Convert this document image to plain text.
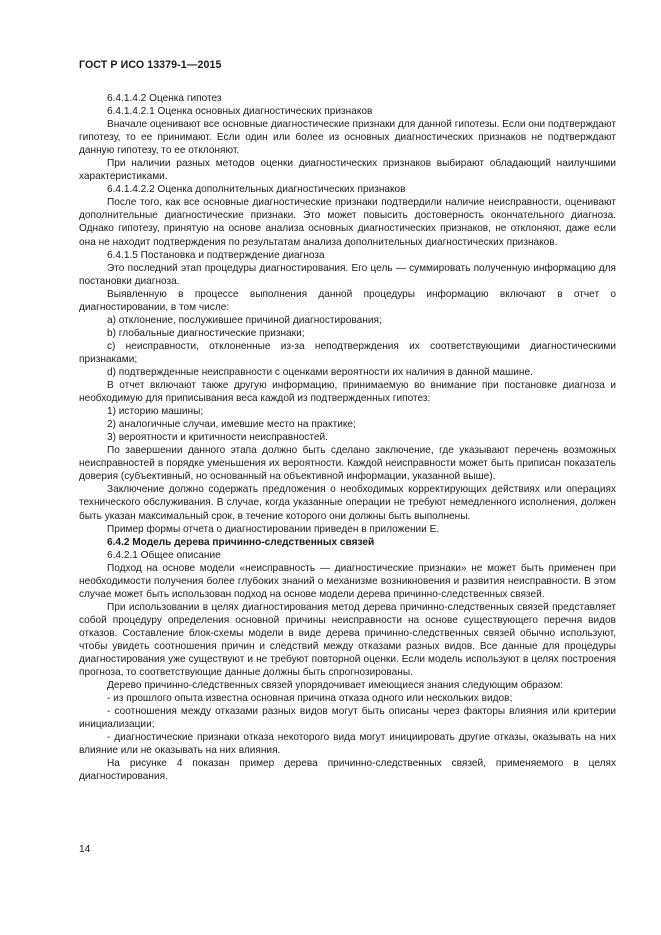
ГОСТ Р ИСО 13379-1—2015

6.4.1.4.2 Оценка гипотез

6.4.1.4.2.1 Оценка основных диагностических признаков

Вначале оценивают все основные диагностические признаки для данной гипотезы. Если они подтверждают гипотезу, то ее принимают. Если один или более из основных диагностических признаков не подтверждают данную гипотезу, то ее отклоняют.

При наличии разных методов оценки диагностических признаков выбирают обладающий наилучшими характеристиками.

6.4.1.4.2.2 Оценка дополнительных диагностических признаков

После того, как все основные диагностические признаки подтвердили наличие неисправности, оценивают дополнительные диагностические признаки. Это может повысить достоверность окончательного диагноза. Однако гипотезу, принятую на основе анализа основных диагностических признаков, не отклоняют, даже если она не находит подтверждения по результатам анализа дополнительных диагностических признаков.

6.4.1.5 Постановка и подтверждение диагноза

Это последний этап процедуры диагностирования. Его цель — суммировать полученную информацию для постановки диагноза.

Выявленную в процессе выполнения данной процедуры информацию включают в отчет о диагностировании, в том числе:

a) отклонение, послужившее причиной диагностирования;

b) глобальные диагностические признаки;

c) неисправности, отклоненные из-за неподтверждения их соответствующими диагностическими признаками;

d) подтвержденные неисправности с оценками вероятности их наличия в данной машине.

В отчет включают также другую информацию, принимаемую во внимание при постановке диагноза и необходимую для приписывания веса каждой из подтвержденных гипотез:

1) историю машины;

2) аналогичные случаи, имевшие место на практике;

3) вероятности и критичности неисправностей.

По завершении данного этапа должно быть сделано заключение, где указывают перечень возможных неисправностей в порядке уменьшения их вероятности. Каждой неисправности может быть приписан показатель доверия (субъективный, но основанный на объективной информации, указанной выше).

Заключение должно содержать предложения о необходимых корректирующих действиях или операциях технического обслуживания. В случае, когда указанные операции не требуют немедленного исполнения, должен быть указан максимальный срок, в течение которого они должны быть выполнены.

Пример формы отчета о диагностировании приведен в приложении Е.

6.4.2 Модель дерева причинно-следственных связей

6.4.2.1 Общее описание

Подход на основе модели «неисправность — диагностические признаки» не может быть применен при необходимости получения более глубоких знаний о механизме возникновения и развития неисправности. В этом случае может быть использован подход на основе модели дерева причинно-следственных связей.

При использовании в целях диагностирования метод дерева причинно-следственных связей представляет собой процедуру определения основной причины неисправности на основе существующего перечня видов отказов. Составление блок-схемы модели в виде дерева причинно-следственных связей обычно используют, чтобы увидеть соотношения причин и следствий между отказами разных видов. Все данные для процедуры диагностирования уже существуют и не требуют повторной оценки. Если модель используют в целях построения прогноза, то соответствующие данные должны быть спрогнозированы.

Дерево причинно-следственных связей упорядочивает имеющиеся знания следующим образом:

- из прошлого опыта известна основная причина отказа одного или нескольких видов;

- соотношения между отказами разных видов могут быть описаны через факторы влияния или критерии инициализации;

- диагностические признаки отказа некоторого вида могут инициировать другие отказы, оказывать на них влияние или не оказывать на них влияния.

На рисунке 4 показан пример дерева причинно-следственных связей, применяемого в целях диагностирования.

14
